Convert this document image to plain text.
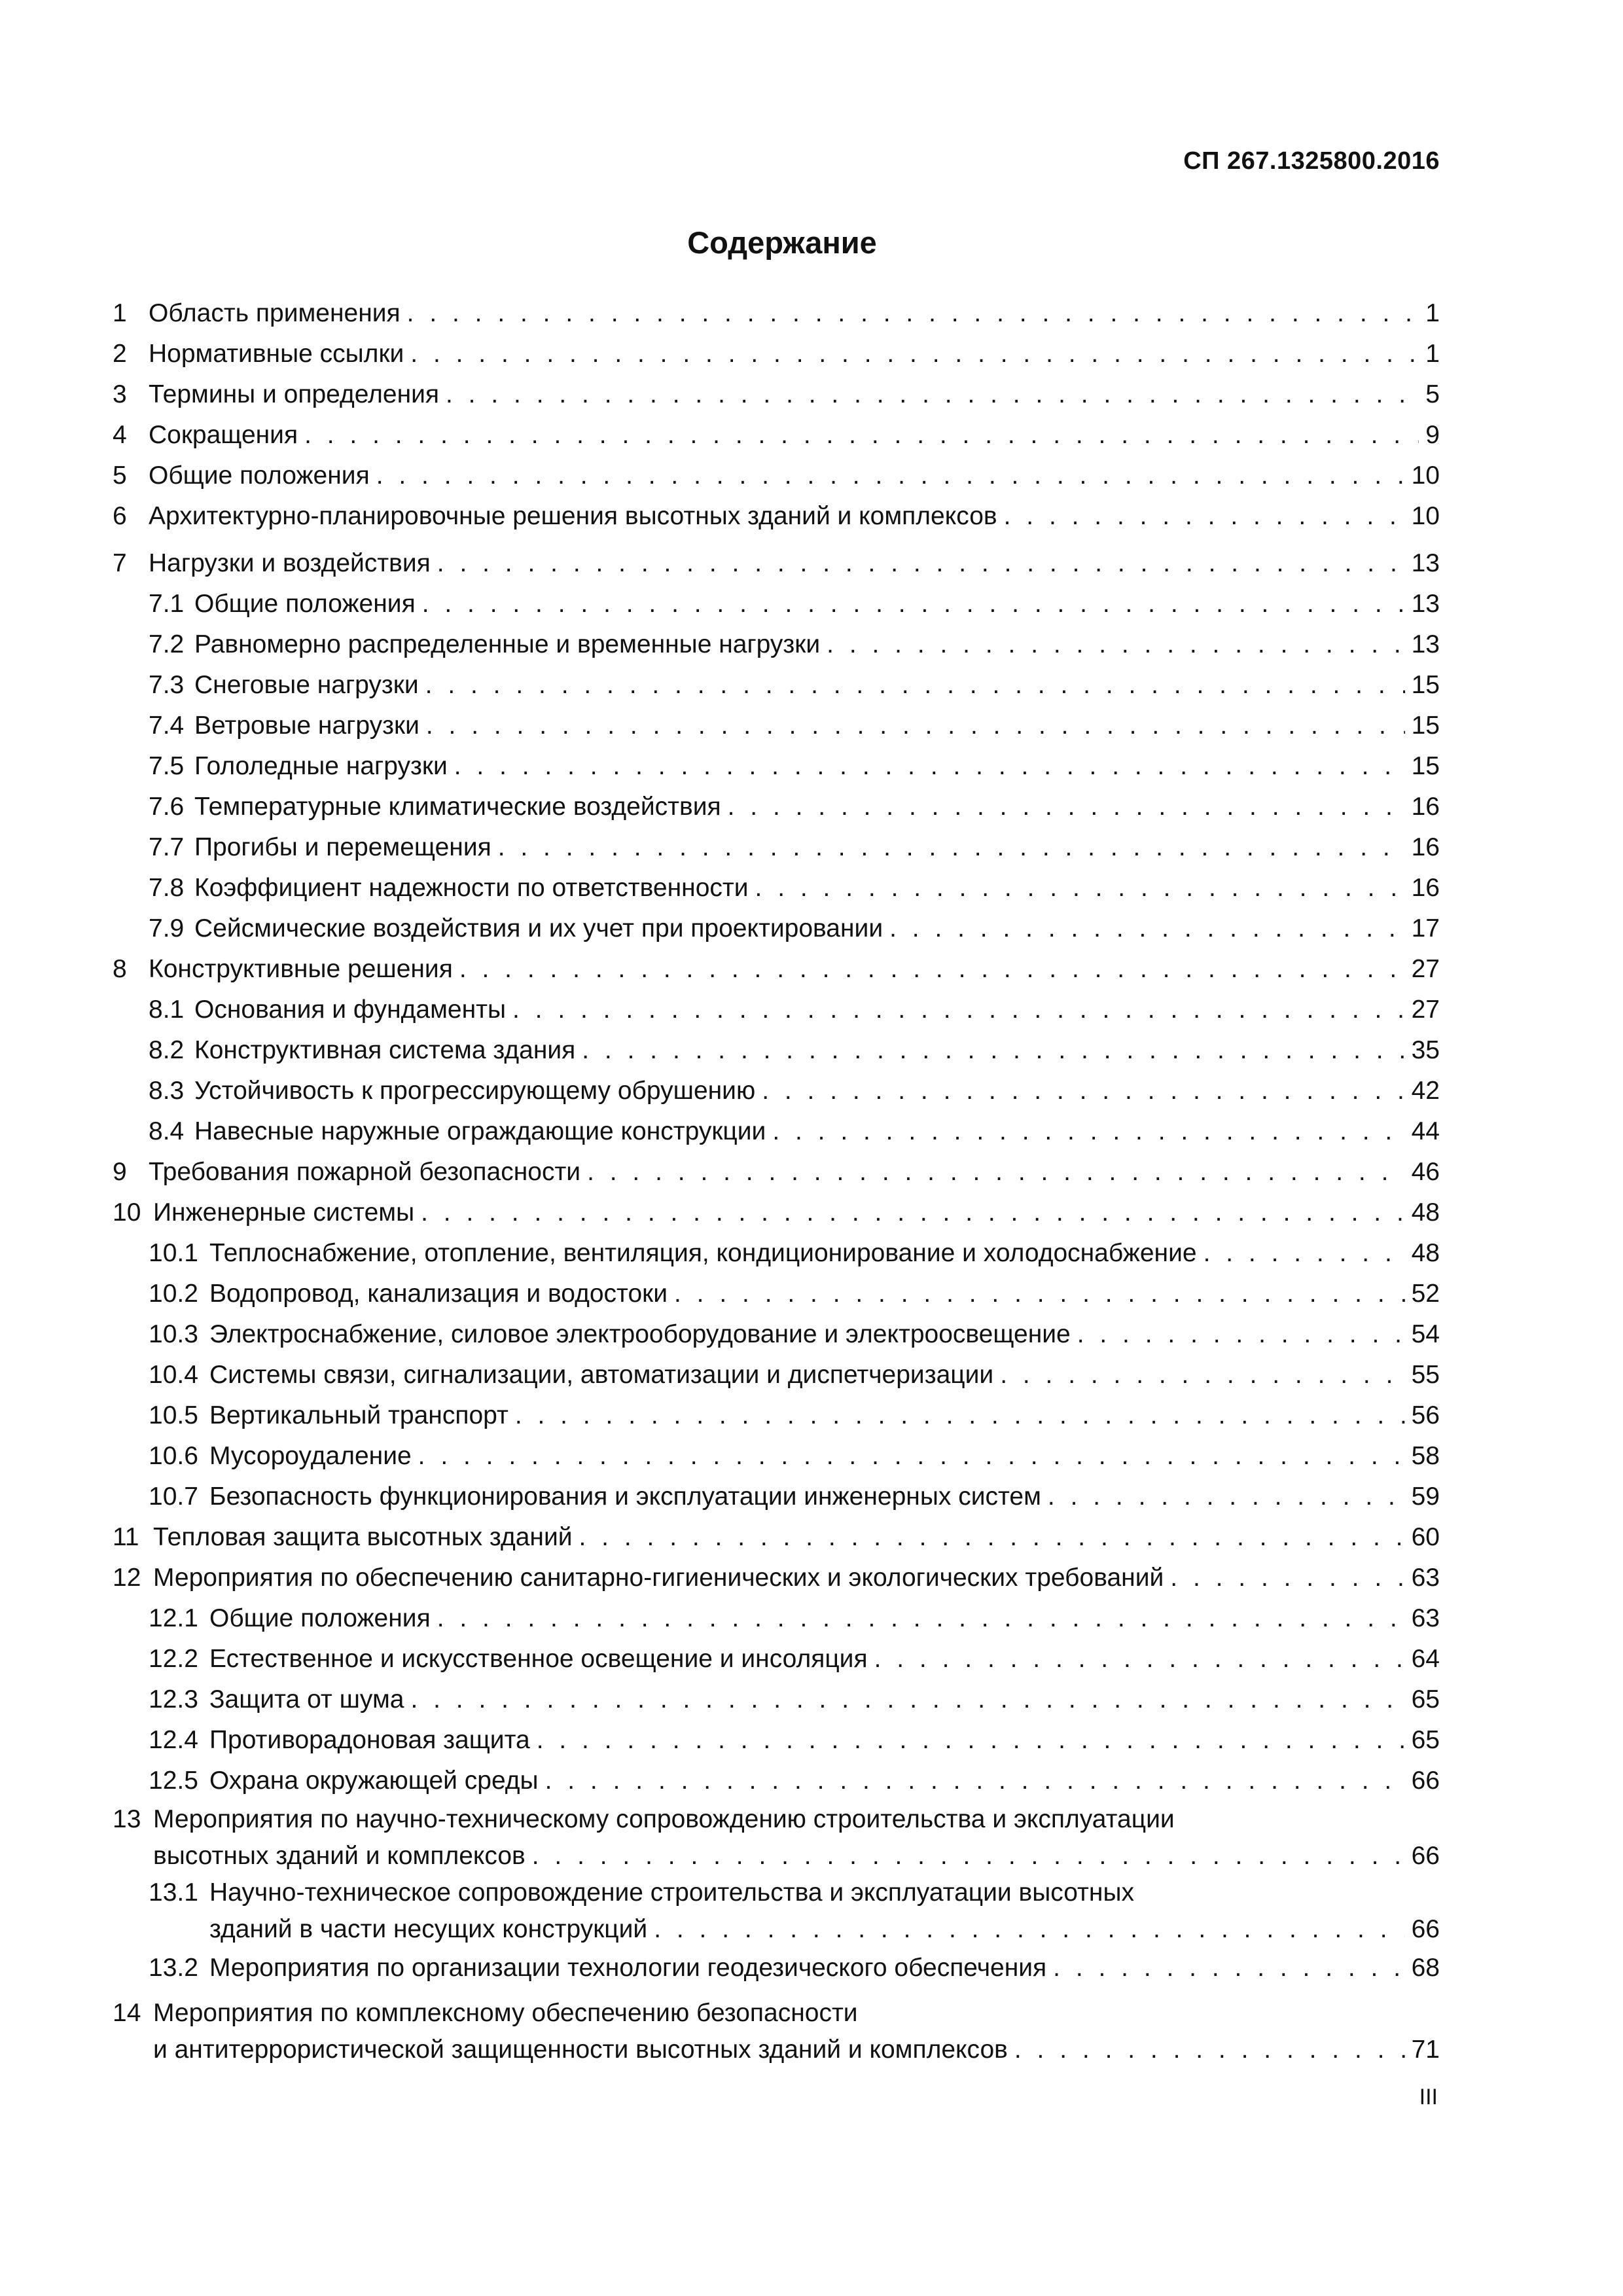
СП 267.1325800.2016
Содержание
1 Область применения . . .	1
2 Нормативные ссылки . . .	1
3 Термины и определения . . .	5
4 Сокращения . . .	9
5 Общие положения . . .	10
6 Архитектурно-планировочные решения высотных зданий и комплексов . . .	10
7 Нагрузки и воздействия . . .	13
7.1 Общие положения . . .	13
7.2 Равномерно распределенные и временные нагрузки . . .	13
7.3 Снеговые нагрузки . . .	15
7.4 Ветровые нагрузки . . .	15
7.5 Гололедные нагрузки . . .	15
7.6 Температурные климатические воздействия . . .	16
7.7 Прогибы и перемещения . . .	16
7.8 Коэффициент надежности по ответственности . . .	16
7.9 Сейсмические воздействия и их учет при проектировании . . .	17
8 Конструктивные решения . . .	27
8.1 Основания и фундаменты . . .	27
8.2 Конструктивная система здания . . .	35
8.3 Устойчивость к прогрессирующему обрушению . . .	42
8.4 Навесные наружные ограждающие конструкции . . .	44
9 Требования пожарной безопасности . . .	46
10 Инженерные системы . . .	48
10.1 Теплоснабжение, отопление, вентиляция, кондиционирование и холодоснабжение . . .	48
10.2 Водопровод, канализация и водостоки . . .	52
10.3 Электроснабжение, силовое электрооборудование и электроосвещение . . .	54
10.4 Системы связи, сигнализации, автоматизации и диспетчеризации . . .	55
10.5 Вертикальный транспорт . . .	56
10.6 Мусороудаление . . .	58
10.7 Безопасность функционирования и эксплуатации инженерных систем . . .	59
11 Тепловая защита высотных зданий . . .	60
12 Мероприятия по обеспечению санитарно-гигиенических и экологических требований . . .	63
12.1 Общие положения . . .	63
12.2 Естественное и искусственное освещение и инсоляция . . .	64
12.3 Защита от шума . . .	65
12.4 Противорадоновая защита . . .	65
12.5 Охрана окружающей среды . . .	66
13 Мероприятия по научно-техническому сопровождению строительства и эксплуатации
высотных зданий и комплексов . . .	66
13.1 Научно-техническое сопровождение строительства и эксплуатации высотных
зданий в части несущих конструкций . . .	66
13.2 Мероприятия по организации технологии геодезического обеспечения . . .	68
14 Мероприятия по комплексному обеспечению безопасности
и антитеррористической защищенности высотных зданий и комплексов . . .	71
III
